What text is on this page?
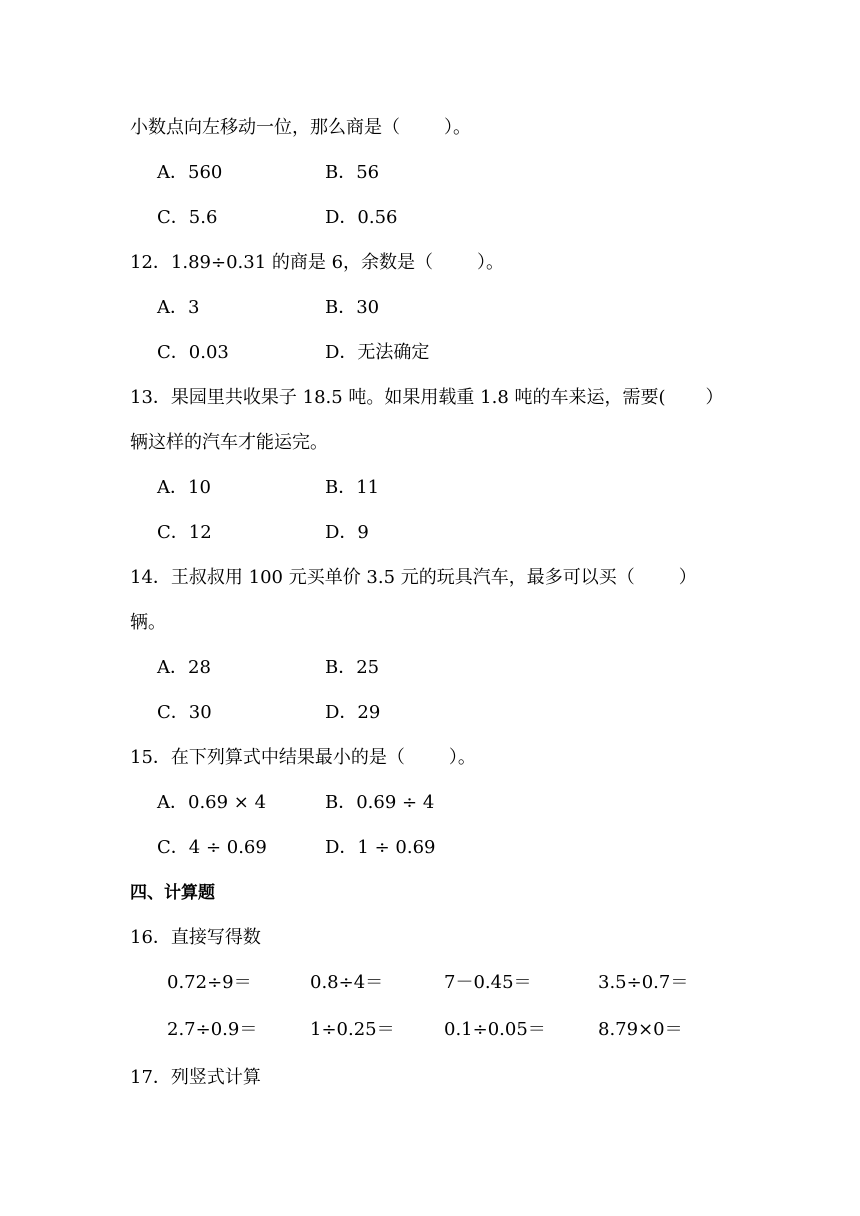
小数点向左移动一位，那么商是（ ）。
A．560	B．56
C．5.6	D．0.56
12．1.89÷0.31 的商是 6，余数是（ ）。
A．3	B．30
C．0.03	D．无法确定
13．果园里共收果子 18.5 吨。如果用载重 1.8 吨的车来运，需要( ）
辆这样的汽车才能运完。
A．10	B．11
C．12	D．9
14．王叔叔用 100 元买单价 3.5 元的玩具汽车，最多可以买（ ）
辆。
A．28	B．25
C．30	D．29
15．在下列算式中结果最小的是（ ）。
A．0.69 × 4	B．0.69 ÷ 4
C．4 ÷ 0.69	D．1 ÷ 0.69
四、计算题
16．直接写得数
0.72÷9＝	0.8÷4＝	7－0.45＝	3.5÷0.7＝
2.7÷0.9＝	1÷0.25＝	0.1÷0.05＝	8.79×0＝
17．列竖式计算
